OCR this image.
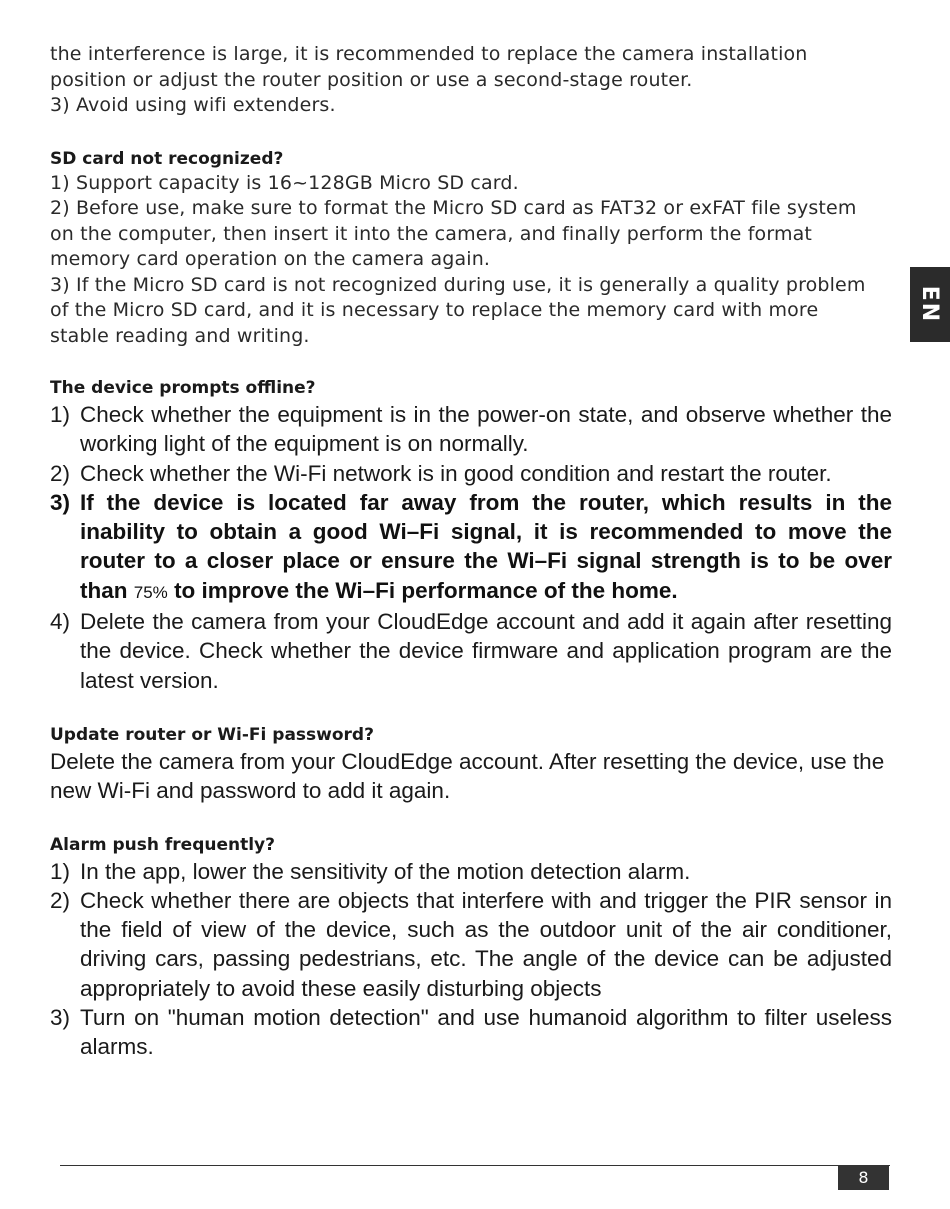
the interference is large, it is recommended to replace the camera installation

position or adjust the router position or use a second-stage router.

3) Avoid using wifi extenders.

SD card not recognized?

1) Support capacity is 16~128GB Micro SD card.

2) Before use, make sure to format the Micro SD card as FAT32 or exFAT file system

on the computer, then insert it into the camera, and finally perform the format

memory card operation on the camera again.

3) If the Micro SD card is not recognized during use, it is generally a quality problem

of the Micro SD card, and it is necessary to replace the memory card with more

stable reading and writing.

The device prompts offline?
1) Check whether the equipment is in the power-on state, and observe whether the working light of the equipment is on normally.
2) Check whether the Wi-Fi network is in good condition and restart the router.
3) If the device is located far away from the router, which results in the inability to obtain a good Wi–Fi signal, it is recommended to move the router to a closer place or ensure the Wi–Fi signal strength is to be over than 75% to improve the Wi–Fi performance of the home.
4) Delete the camera from your CloudEdge account and add it again after resetting the device. Check whether the device firmware and application program are the latest version.
Update router or Wi-Fi password?

Delete the camera from your CloudEdge account. After resetting the device, use the new Wi-Fi and password to add it again.

Alarm push frequently?
1) In the app, lower the sensitivity of the motion detection alarm.
2) Check whether there are objects that interfere with and trigger the PIR sensor in the field of view of the device, such as the outdoor unit of the air conditioner, driving cars, passing pedestrians, etc. The angle of the device can be adjusted appropriately to avoid these easily disturbing objects
3) Turn on "human motion detection" and use humanoid algorithm to filter useless alarms.
EN
8
